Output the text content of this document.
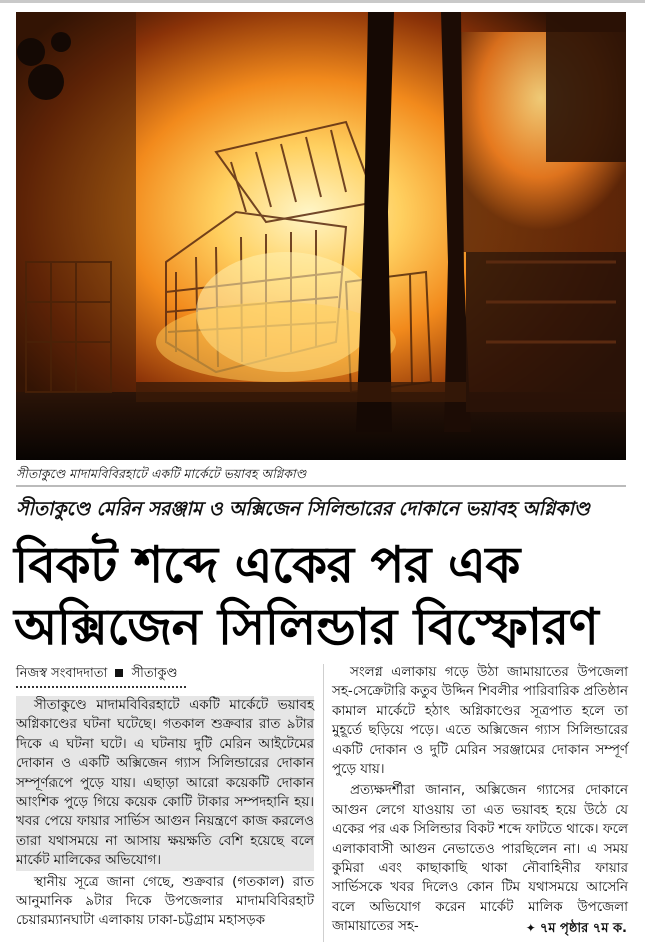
সীতাকুণ্ডে মাদামবিবিরহাটে একটি মার্কেটে ভয়াবহ অগ্নিকাণ্ড
সীতাকুণ্ডে মেরিন সরঞ্জাম ও অক্সিজেন সিলিন্ডারের দোকানে ভয়াবহ অগ্নিকাণ্ড
বিকট শব্দে একের পর এক
অক্সিজেন সিলিন্ডার বিস্ফোরণ
নিজস্ব সংবাদদাতা সীতাকুণ্ড

সীতাকুণ্ডে মাদামবিবিরহাটে একটি মার্কেটে ভয়াবহ অগ্নিকাণ্ডের ঘটনা ঘটেছে। গতকাল শুক্রবার রাত ৯টার দিকে এ ঘটনা ঘটে। এ ঘটনায় দুটি মেরিন আইটেমের দোকান ও একটি অক্সিজেন গ্যাস সিলিন্ডারের দোকান সম্পূর্ণরূপে পুড়ে যায়। এছাড়া আরো কয়েকটি দোকান আংশিক পুড়ে গিয়ে কয়েক কোটি টাকার সম্পদহানি হয়। খবর পেয়ে ফায়ার সার্ভিস আগুন নিয়ন্ত্রণে কাজ করলেও তারা যথাসময়ে না আসায় ক্ষয়ক্ষতি বেশি হয়েছে বলে মার্কেট মালিকের অভিযোগ।

স্থানীয় সূত্রে জানা গেছে, শুক্রবার (গতকাল) রাত আনুমানিক ৯টার দিকে উপজেলার মাদামবিবিরহাট চেয়ারম্যানঘাটা এলাকায় ঢাকা-চট্টগ্রাম মহাসড়ক

সংলগ্ন এলাকায় গড়ে উঠা জামায়াতের উপজেলা সহ-সেক্রেটারি কতুব উদ্দিন শিবলীর পারিবারিক প্রতিষ্ঠান কামাল মার্কেটে হঠাৎ অগ্নিকাণ্ডের সূত্রপাত হলে তা মুহূর্তে ছড়িয়ে পড়ে। এতে অক্সিজেন গ্যাস সিলিন্ডারের একটি দোকান ও দুটি মেরিন সরঞ্জামের দোকান সম্পূর্ণ পুড়ে যায়।

প্রত্যক্ষদর্শীরা জানান, অক্সিজেন গ্যাসের দোকানে আগুন লেগে যাওয়ায় তা এত ভয়াবহ হয়ে উঠে যে একের পর এক সিলিন্ডার বিকট শব্দে ফাটতে থাকে। ফলে এলাকাবাসী আগুন নেভাতেও পারছিলেন না। এ সময় কুমিরা এবং কাছাকাছি থাকা নৌবাহিনীর ফায়ার সার্ভিসকে খবর দিলেও কোন টিম যথাসময়ে আসেনি বলে অভিযোগ করেন মার্কেট মালিক উপজেলা জামায়াতের সহ-	✦ ৭ম পৃষ্ঠার ৭ম ক.
